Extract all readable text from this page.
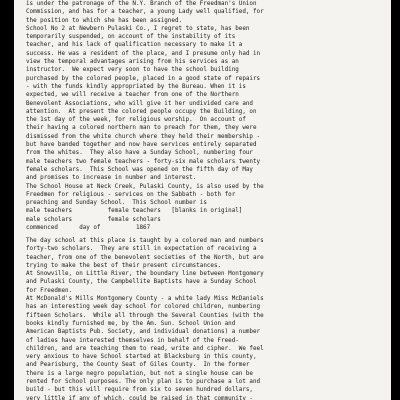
is under the patronage of the N.Y. Branch of the Freedman's Union
Commission, and has for a teacher, a young Lady well qualified, for
the position to which she has been assigned.
School No 2 at Newbern Pulaski Co., I regret to state, has been
temporarily suspended, on account of the instability of its
teacher, and his lack of qualification necessary to make it a
success. He was a resident of the place, and I presume only had in
view the temporal advantages arising from his services as an
instructor.  We expect very soon to have the school building
purchased by the colored people, placed in a good state of repairs
- with the funds kindly appropriated by the Bureau. When it is
expected, we will receive a teacher from one of the Northern
Benevolent Associations, who will give it her undivided care and
attention.  At present the colored people occupy the Building, on
the 1st day of the week, for religious worship.  On account of
their having a colored northern man to preach for them, they were
dismissed from the white church where they held their membership -
but have banded together and now have services entirely separated
from the whites.  They also have a Sunday School, numbering four
male teachers two female teachers - forty-six male scholars twenty
female scholars.  This School was opened on the fifth day of May
and promises to increase in number and interest.
The School House at Neck Creek, Pulaski County, is also used by the
Freedmen for religious - services on the Sabbath - both for
preaching and Sunday School.  This School number is
male teachers          female teachers   [blanks in original]
male scholars          female scholars
commenced      day of          1867
The day school at this place is taught by a colored man and numbers
forty-two scholars.  They are still in expectation of receiving a
teacher, from one of the benevolent societies of the North, but are
trying to make the best of their present circumstances.
At Snowville, on Little River, the boundary line between Montgomery
and Pulaski County, the Campbellite Baptists have a Sunday School
for Freedmen.
At McDonald's Mills Montgomery County - a white lady Miss McDaniels
has an interesting week day school for colored children, numbering
fifteen Scholars.  While all through the Several Counties (with the
books kindly furnished me, by the Am. Sun. School Union and
American Baptists Pub. Society, and individual donations) a number
of ladies have interested themselves in behalf of the Freed-
children, and are teaching them to read, write and cipher.  We feel
very anxious to have School started at Blacksburg in this county,
and Pearisburg, the County Seat of Giles County.  In the former
there is a large negro population, but not a single house can be
rented for School purposes. The only plan is to purchase a lot and
build - but this will require from six to seven hundred dollars,
very little if any of which, could be raised in that community -
